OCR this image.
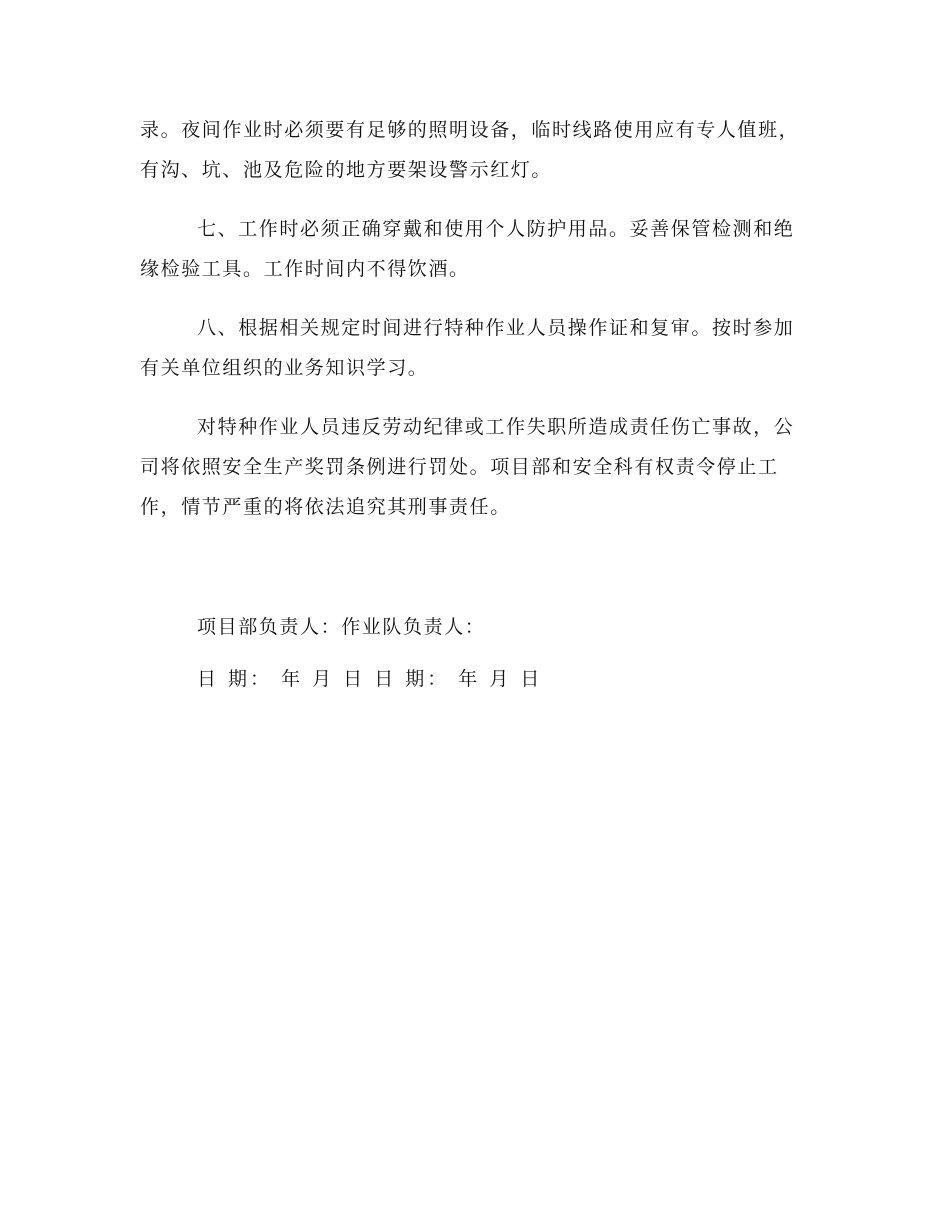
录。夜间作业时必须要有足够的照明设备，临时线路使用应有专人值班，有沟、坑、池及危险的地方要架设警示红灯。

七、工作时必须正确穿戴和使用个人防护用品。妥善保管检测和绝缘检验工具。工作时间内不得饮酒。

八、根据相关规定时间进行特种作业人员操作证和复审。按时参加有关单位组织的业务知识学习。

对特种作业人员违反劳动纪律或工作失职所造成责任伤亡事故，公司将依照安全生产奖罚条例进行罚处。项目部和安全科有权责令停止工作，情节严重的将依法追究其刑事责任。

项目部负责人：作业队负责人：
日 期： 年 月 日 日 期： 年 月 日
